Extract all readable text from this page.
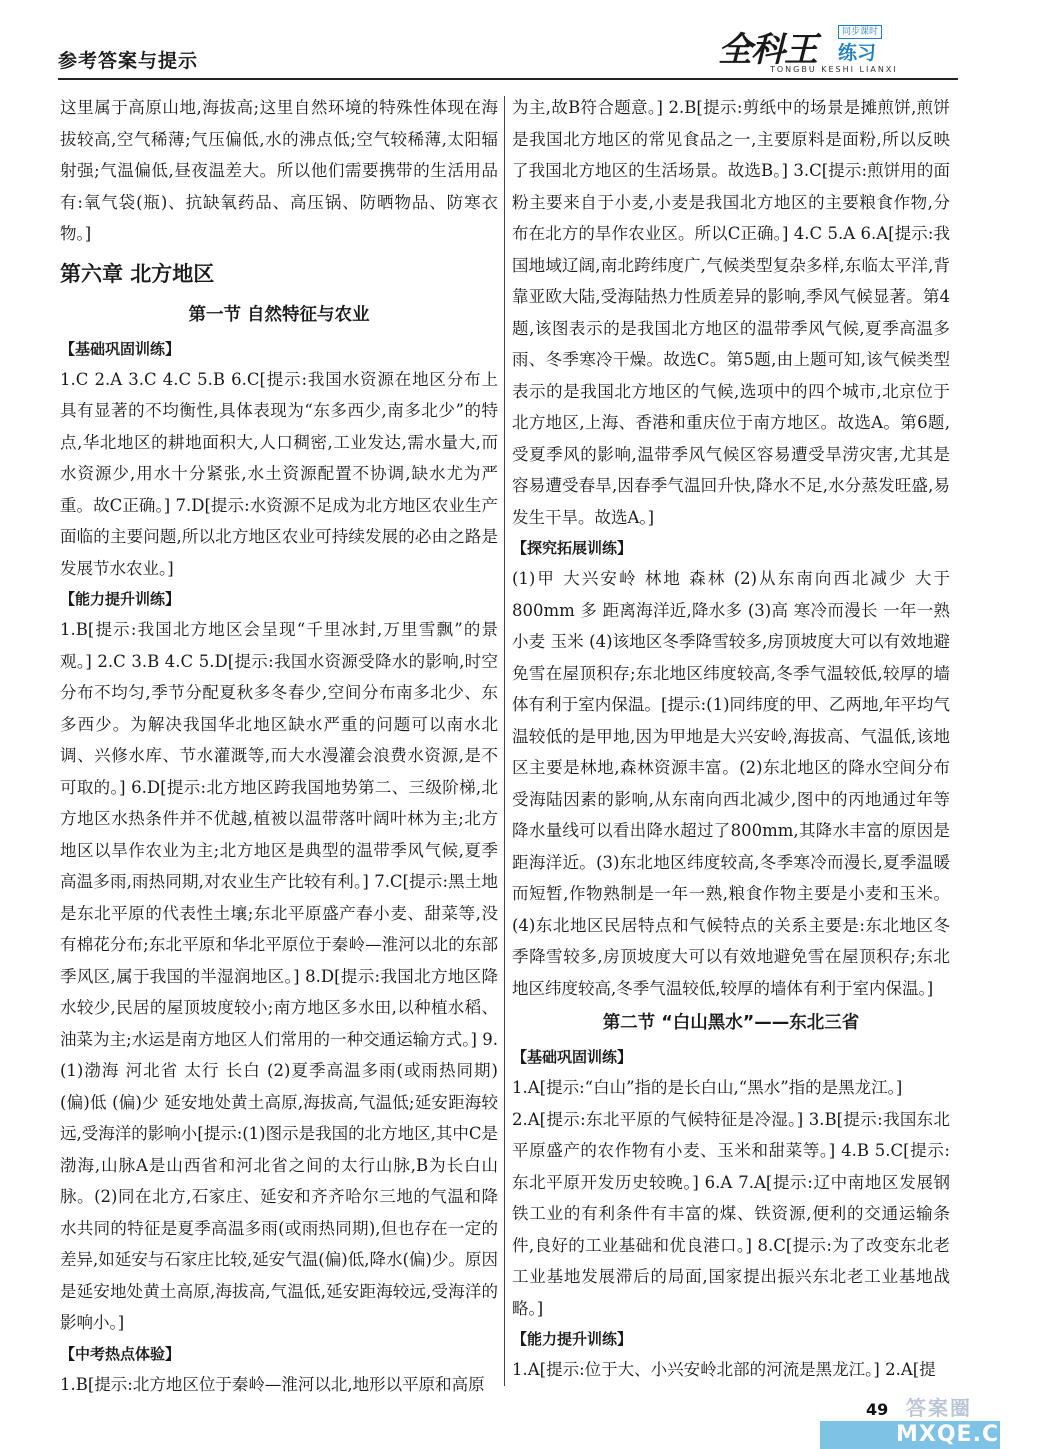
参考答案与提示	全科王	同步课时
练习
TONGBU KESHI LIANXI
这里属于高原山地,海拔高;这里自然环境的特殊性体现在海拔较高,空气稀薄;气压偏低,水的沸点低;空气较稀薄,太阳辐射强;气温偏低,昼夜温差大。所以他们需要携带的生活用品有:氧气袋(瓶)、抗缺氧药品、高压锅、防晒物品、防寒衣物。]
第六章 北方地区
第一节 自然特征与农业
【基础巩固训练】
1.C 2.A 3.C 4.C 5.B 6.C[提示:我国水资源在地区分布上具有显著的不均衡性,具体表现为“东多西少,南多北少”的特点,华北地区的耕地面积大,人口稠密,工业发达,需水量大,而水资源少,用水十分紧张,水土资源配置不协调,缺水尤为严重。故C正确。] 7.D[提示:水资源不足成为北方地区农业生产面临的主要问题,所以北方地区农业可持续发展的必由之路是发展节水农业。]
【能力提升训练】
1.B[提示:我国北方地区会呈现“千里冰封,万里雪飘”的景观。] 2.C 3.B 4.C 5.D[提示:我国水资源受降水的影响,时空分布不均匀,季节分配夏秋多冬春少,空间分布南多北少、东多西少。为解决我国华北地区缺水严重的问题可以南水北调、兴修水库、节水灌溉等,而大水漫灌会浪费水资源,是不可取的。] 6.D[提示:北方地区跨我国地势第二、三级阶梯,北方地区水热条件并不优越,植被以温带落叶阔叶林为主;北方地区以旱作农业为主;北方地区是典型的温带季风气候,夏季高温多雨,雨热同期,对农业生产比较有利。] 7.C[提示:黑土地是东北平原的代表性土壤;东北平原盛产春小麦、甜菜等,没有棉花分布;东北平原和华北平原位于秦岭—淮河以北的东部季风区,属于我国的半湿润地区。] 8.D[提示:我国北方地区降水较少,民居的屋顶坡度较小;南方地区多水田,以种植水稻、油菜为主;水运是南方地区人们常用的一种交通运输方式。] 9.(1)渤海 河北省 太行 长白 (2)夏季高温多雨(或雨热同期) (偏)低 (偏)少 延安地处黄土高原,海拔高,气温低;延安距海较远,受海洋的影响小[提示:(1)图示是我国的北方地区,其中C是渤海,山脉A是山西省和河北省之间的太行山脉,B为长白山脉。(2)同在北方,石家庄、延安和齐齐哈尔三地的气温和降水共同的特征是夏季高温多雨(或雨热同期),但也存在一定的差异,如延安与石家庄比较,延安气温(偏)低,降水(偏)少。原因是延安地处黄土高原,海拔高,气温低,延安距海较远,受海洋的影响小。]
【中考热点体验】
1.B[提示:北方地区位于秦岭—淮河以北,地形以平原和高原
为主,故B符合题意。] 2.B[提示:剪纸中的场景是摊煎饼,煎饼是我国北方地区的常见食品之一,主要原料是面粉,所以反映了我国北方地区的生活场景。故选B。] 3.C[提示:煎饼用的面粉主要来自于小麦,小麦是我国北方地区的主要粮食作物,分布在北方的旱作农业区。所以C正确。] 4.C 5.A 6.A[提示:我国地域辽阔,南北跨纬度广,气候类型复杂多样,东临太平洋,背靠亚欧大陆,受海陆热力性质差异的影响,季风气候显著。第4题,该图表示的是我国北方地区的温带季风气候,夏季高温多雨、冬季寒冷干燥。故选C。第5题,由上题可知,该气候类型表示的是我国北方地区的气候,选项中的四个城市,北京位于北方地区,上海、香港和重庆位于南方地区。故选A。第6题,受夏季风的影响,温带季风气候区容易遭受旱涝灾害,尤其是容易遭受春旱,因春季气温回升快,降水不足,水分蒸发旺盛,易发生干旱。故选A。]
【探究拓展训练】
(1)甲 大兴安岭 林地 森林 (2)从东南向西北减少 大于800mm 多 距离海洋近,降水多 (3)高 寒冷而漫长 一年一熟 小麦 玉米 (4)该地区冬季降雪较多,房顶坡度大可以有效地避免雪在屋顶积存;东北地区纬度较高,冬季气温较低,较厚的墙体有利于室内保温。[提示:(1)同纬度的甲、乙两地,年平均气温较低的是甲地,因为甲地是大兴安岭,海拔高、气温低,该地区主要是林地,森林资源丰富。(2)东北地区的降水空间分布受海陆因素的影响,从东南向西北减少,图中的丙地通过年等降水量线可以看出降水超过了800mm,其降水丰富的原因是距海洋近。(3)东北地区纬度较高,冬季寒冷而漫长,夏季温暖而短暂,作物熟制是一年一熟,粮食作物主要是小麦和玉米。(4)东北地区民居特点和气候特点的关系主要是:东北地区冬季降雪较多,房顶坡度大可以有效地避免雪在屋顶积存;东北地区纬度较高,冬季气温较低,较厚的墙体有利于室内保温。]
第二节 “白山黑水”——东北三省
【基础巩固训练】
1.A[提示:“白山”指的是长白山,“黑水”指的是黑龙江。]
2.A[提示:东北平原的气候特征是冷湿。] 3.B[提示:我国东北平原盛产的农作物有小麦、玉米和甜菜等。] 4.B 5.C[提示:东北平原开发历史较晚。] 6.A 7.A[提示:辽中南地区发展钢铁工业的有利条件有丰富的煤、铁资源,便利的交通运输条件,良好的工业基础和优良港口。] 8.C[提示:为了改变东北老工业基地发展滞后的局面,国家提出振兴东北老工业基地战略。]
【能力提升训练】
1.A[提示:位于大、小兴安岭北部的河流是黑龙江。] 2.A[提
49 答案圈
MXQE.COM
